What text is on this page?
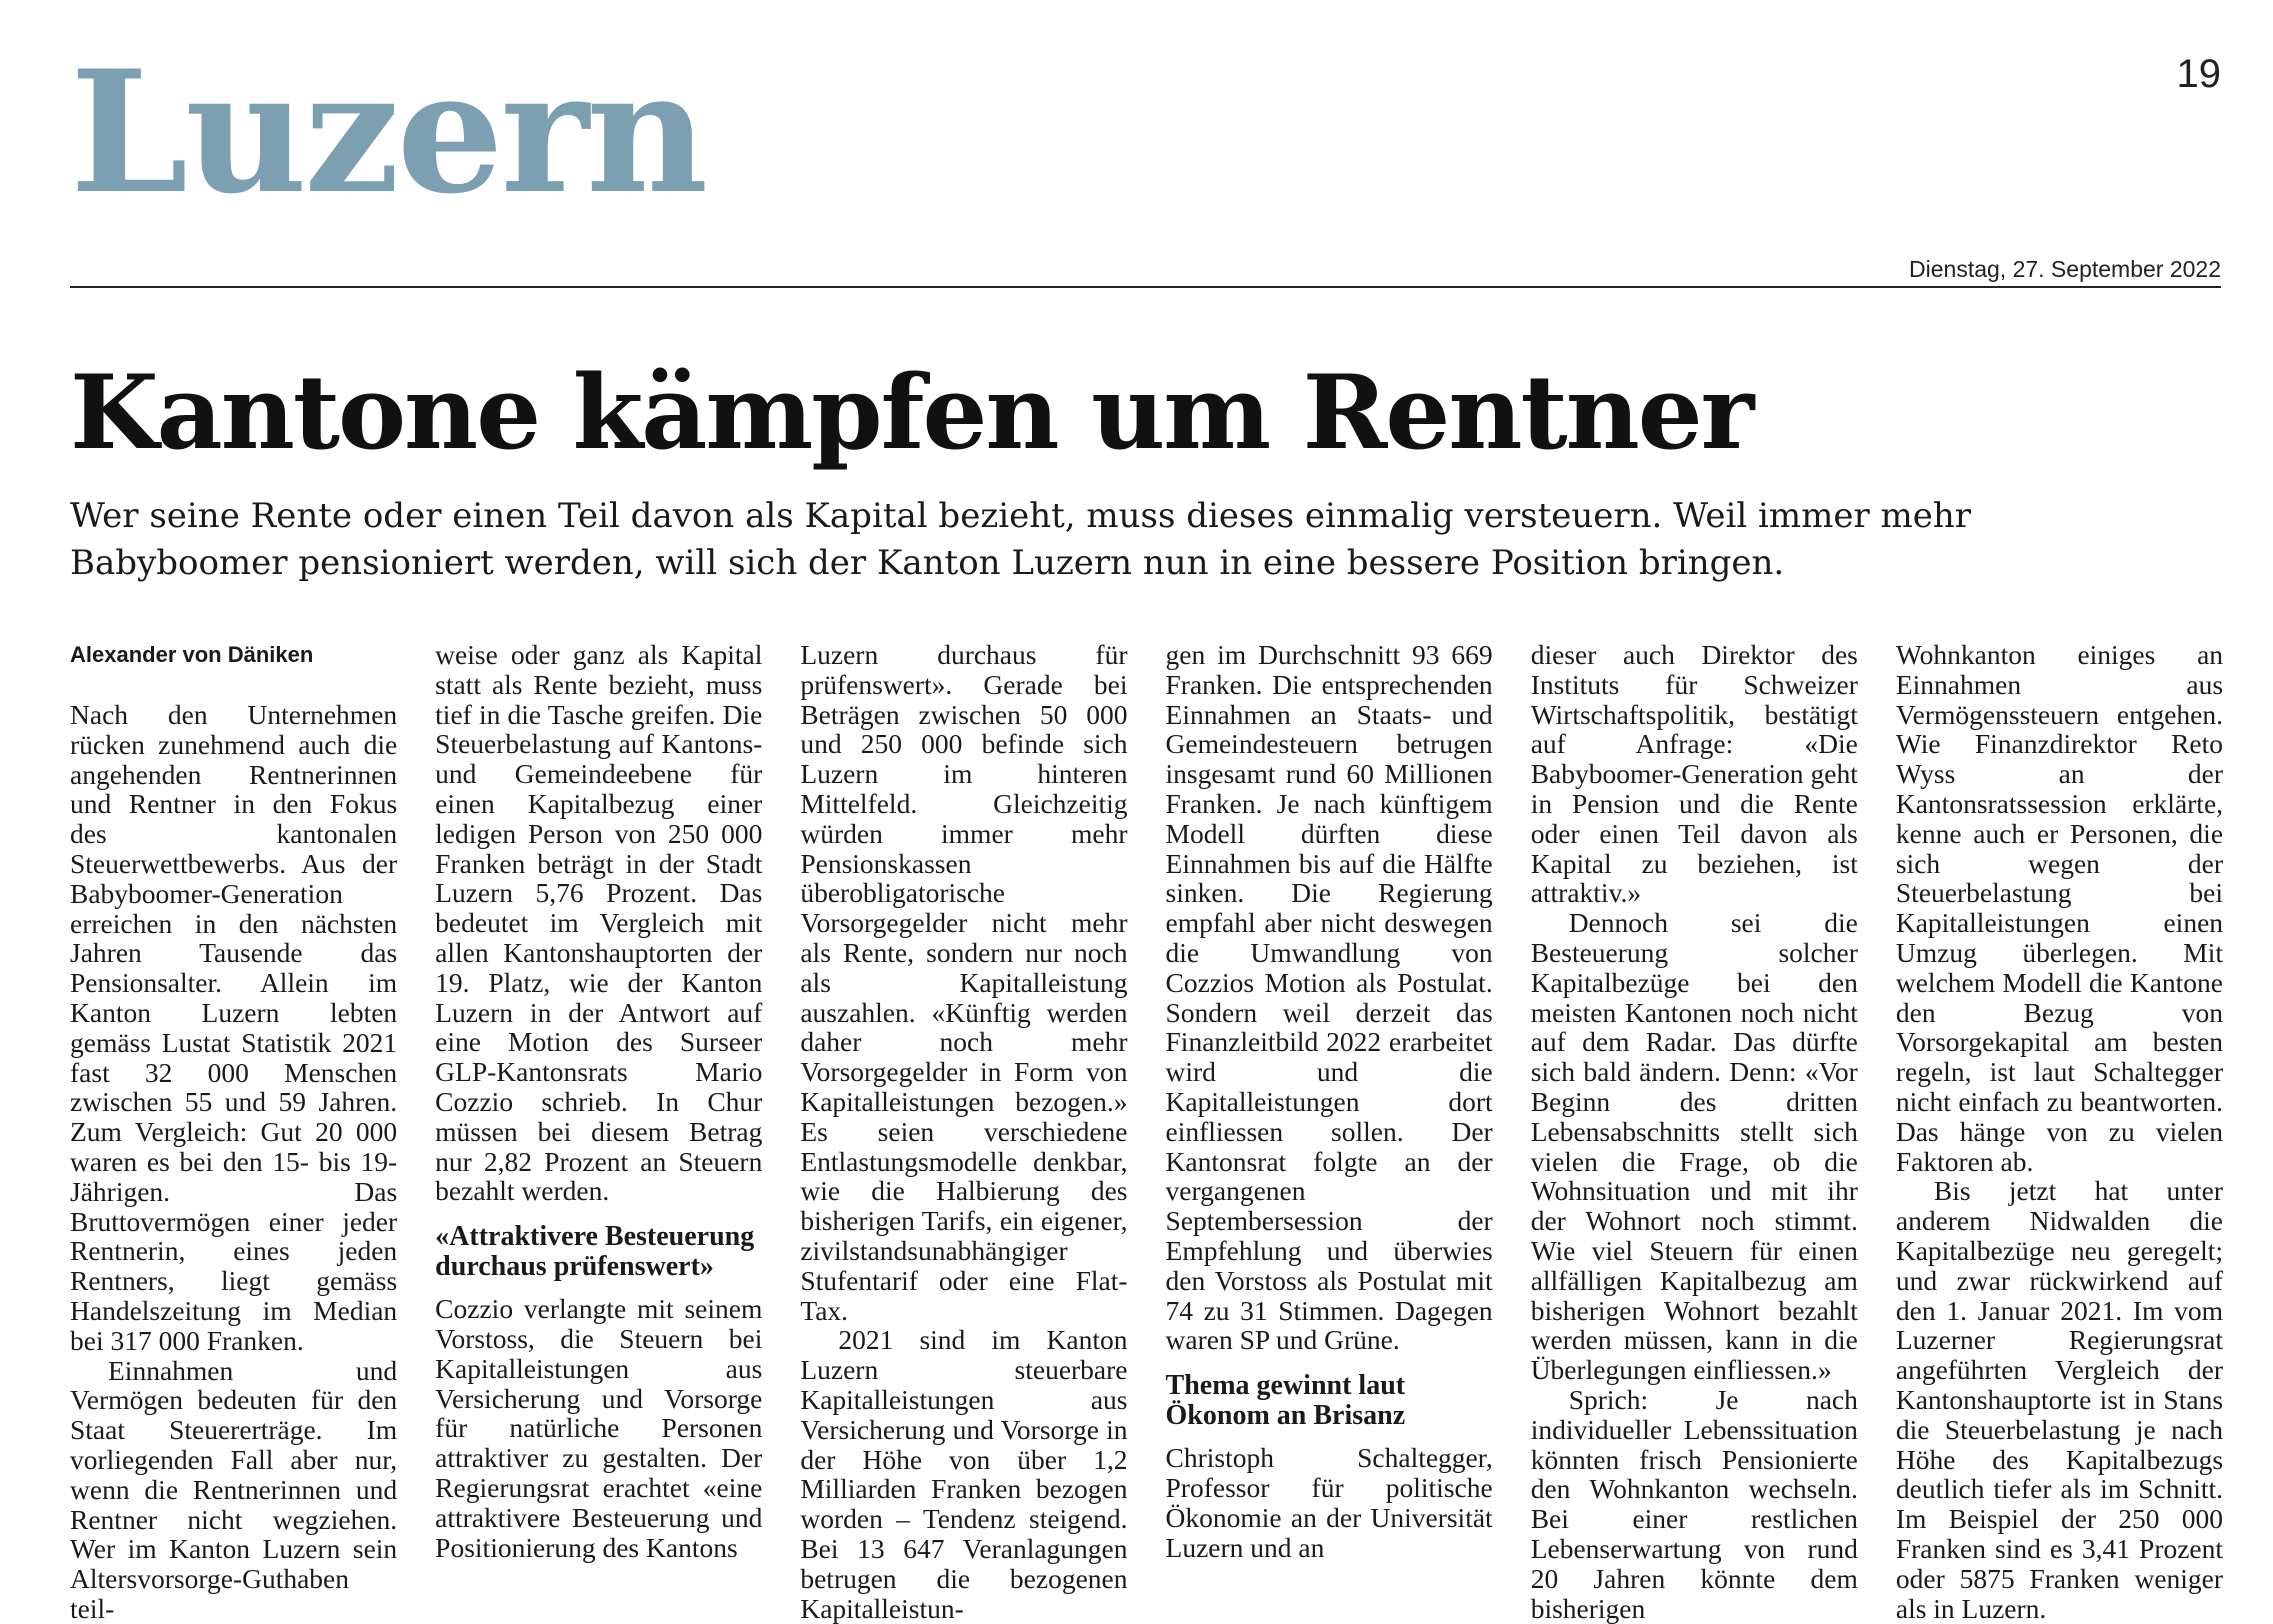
Luzern	19
Dienstag, 27. September 2022
Kantone kämpfen um Rentner
Wer seine Rente oder einen Teil davon als Kapital bezieht, muss dieses einmalig versteuern. Weil immer mehr Babyboomer pensioniert werden, will sich der Kanton Luzern nun in eine bessere Position bringen.
Alexander von Däniken

Nach den Unternehmen rücken zunehmend auch die angehenden Rentnerinnen und Rentner in den Fokus des kantonalen Steuerwettbewerbs. Aus der Babyboomer-Generation erreichen in den nächsten Jahren Tausende das Pensionsalter. Allein im Kanton Luzern lebten gemäss Lustat Statistik 2021 fast 32 000 Menschen zwischen 55 und 59 Jahren. Zum Vergleich: Gut 20 000 waren es bei den 15- bis 19-Jährigen. Das Bruttovermögen einer jeder Rentnerin, eines jeden Rentners, liegt gemäss Handelszeitung im Median bei 317 000 Franken.

Einnahmen und Vermögen bedeuten für den Staat Steuererträge. Im vorliegenden Fall aber nur, wenn die Rentnerinnen und Rentner nicht wegziehen. Wer im Kanton Luzern sein Altersvorsorge-Guthaben teil-

weise oder ganz als Kapital statt als Rente bezieht, muss tief in die Tasche greifen. Die Steuerbelastung auf Kantons- und Gemeindeebene für einen Kapitalbezug einer ledigen Person von 250 000 Franken beträgt in der Stadt Luzern 5,76 Prozent. Das bedeutet im Vergleich mit allen Kantonshauptorten der 19. Platz, wie der Kanton Luzern in der Antwort auf eine Motion des Surseer GLP-Kantonsrats Mario Cozzio schrieb. In Chur müssen bei diesem Betrag nur 2,82 Prozent an Steuern bezahlt werden.

«Attraktivere Besteuerung durchaus prüfenswert»

Cozzio verlangte mit seinem Vorstoss, die Steuern bei Kapitalleistungen aus Versicherung und Vorsorge für natürliche Personen attraktiver zu gestalten. Der Regierungsrat erachtet «eine attraktivere Besteuerung und Positionierung des Kantons

Luzern durchaus für prüfenswert». Gerade bei Beträgen zwischen 50 000 und 250 000 befinde sich Luzern im hinteren Mittelfeld. Gleichzeitig würden immer mehr Pensionskassen überobligatorische Vorsorgegelder nicht mehr als Rente, sondern nur noch als Kapitalleistung auszahlen. «Künftig werden daher noch mehr Vorsorgegelder in Form von Kapitalleistungen bezogen.» Es seien verschiedene Entlastungsmodelle denkbar, wie die Halbierung des bisherigen Tarifs, ein eigener, zivilstandsunabhängiger Stufentarif oder eine Flat-Tax.

2021 sind im Kanton Luzern steuerbare Kapitalleistungen aus Versicherung und Vorsorge in der Höhe von über 1,2 Milliarden Franken bezogen worden – Tendenz steigend. Bei 13 647 Veranlagungen betrugen die bezogenen Kapitalleistun-

gen im Durchschnitt 93 669 Franken. Die entsprechenden Einnahmen an Staats- und Gemeindesteuern betrugen insgesamt rund 60 Millionen Franken. Je nach künftigem Modell dürften diese Einnahmen bis auf die Hälfte sinken. Die Regierung empfahl aber nicht deswegen die Umwandlung von Cozzios Motion als Postulat. Sondern weil derzeit das Finanzleitbild 2022 erarbeitet wird und die Kapitalleistungen dort einfliessen sollen. Der Kantonsrat folgte an der vergangenen Septembersession der Empfehlung und überwies den Vorstoss als Postulat mit 74 zu 31 Stimmen. Dagegen waren SP und Grüne.

Thema gewinnt laut Ökonom an Brisanz

Christoph Schaltegger, Professor für politische Ökonomie an der Universität Luzern und an

dieser auch Direktor des Instituts für Schweizer Wirtschaftspolitik, bestätigt auf Anfrage: «Die Babyboomer-Generation geht in Pension und die Rente oder einen Teil davon als Kapital zu beziehen, ist attraktiv.»

Dennoch sei die Besteuerung solcher Kapitalbezüge bei den meisten Kantonen noch nicht auf dem Radar. Das dürfte sich bald ändern. Denn: «Vor Beginn des dritten Lebensabschnitts stellt sich vielen die Frage, ob die Wohnsituation und mit ihr der Wohnort noch stimmt. Wie viel Steuern für einen allfälligen Kapitalbezug am bisherigen Wohnort bezahlt werden müssen, kann in die Überlegungen einfliessen.»

Sprich: Je nach individueller Lebenssituation könnten frisch Pensionierte den Wohnkanton wechseln. Bei einer restlichen Lebenserwartung von rund 20 Jahren könnte dem bisherigen

Wohnkanton einiges an Einnahmen aus Vermögenssteuern entgehen. Wie Finanzdirektor Reto Wyss an der Kantonsratssession erklärte, kenne auch er Personen, die sich wegen der Steuerbelastung bei Kapitalleistungen einen Umzug überlegen. Mit welchem Modell die Kantone den Bezug von Vorsorgekapital am besten regeln, ist laut Schaltegger nicht einfach zu beantworten. Das hänge von zu vielen Faktoren ab.

Bis jetzt hat unter anderem Nidwalden die Kapitalbezüge neu geregelt; und zwar rückwirkend auf den 1. Januar 2021. Im vom Luzerner Regierungsrat angeführten Vergleich der Kantonshauptorte ist in Stans die Steuerbelastung je nach Höhe des Kapitalbezugs deutlich tiefer als im Schnitt. Im Beispiel der 250 000 Franken sind es 3,41 Prozent oder 5875 Franken weniger als in Luzern.
